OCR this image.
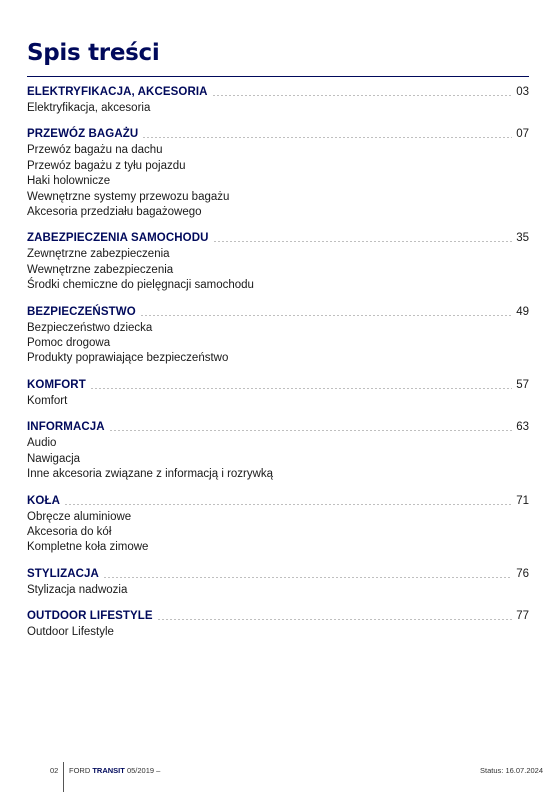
Spis treści
ELEKTRYFIKACJA, AKCESORIA	03
Elektryfikacja, akcesoria
PRZEWÓZ BAGAŻU	07
Przewóz bagażu na dachu
Przewóz bagażu z tyłu pojazdu
Haki holownicze
Wewnętrzne systemy przewozu bagażu
Akcesoria przedziału bagażowego
ZABEZPIECZENIA SAMOCHODU	35
Zewnętrzne zabezpieczenia
Wewnętrzne zabezpieczenia
Środki chemiczne do pielęgnacji samochodu
BEZPIECZEŃSTWO	49
Bezpieczeństwo dziecka
Pomoc drogowa
Produkty poprawiające bezpieczeństwo
KOMFORT	57
Komfort
INFORMACJA	63
Audio
Nawigacja
Inne akcesoria związane z informacją i rozrywką
KOŁA	71
Obręcze aluminiowe
Akcesoria do kół
Kompletne koła zimowe
STYLIZACJA	76
Stylizacja nadwozia
OUTDOOR LIFESTYLE	77
Outdoor Lifestyle
02 FORD TRANSIT 05/2019 –	Status: 16.07.2024
